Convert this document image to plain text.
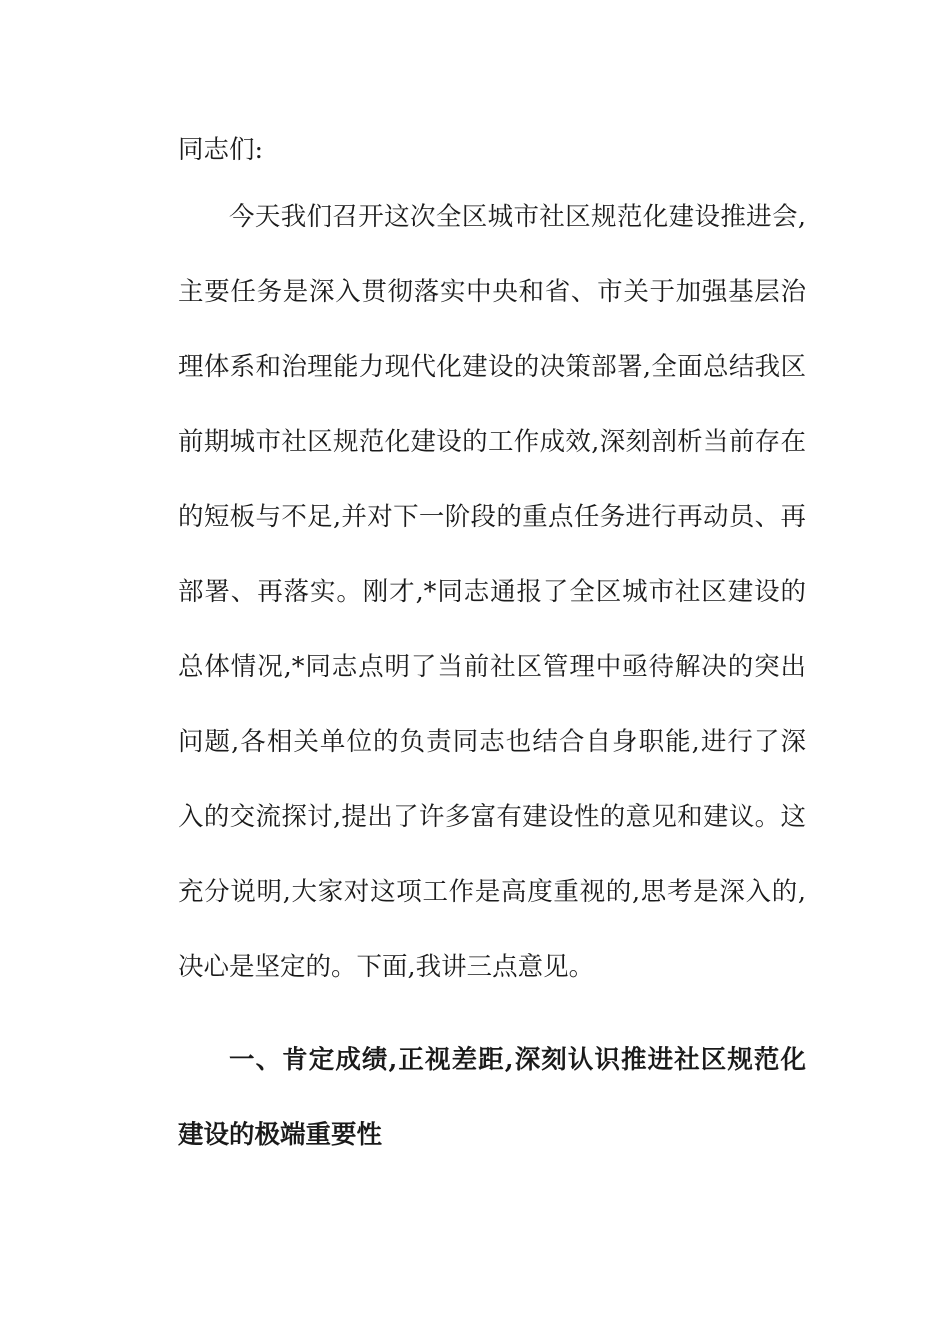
同志们:

今天我们召开这次全区城市社区规范化建设推进会,主要任务是深入贯彻落实中央和省、市关于加强基层治理体系和治理能力现代化建设的决策部署,全面总结我区前期城市社区规范化建设的工作成效,深刻剖析当前存在的短板与不足,并对下一阶段的重点任务进行再动员、再部署、再落实。刚才,*同志通报了全区城市社区建设的总体情况,*同志点明了当前社区管理中亟待解决的突出问题,各相关单位的负责同志也结合自身职能,进行了深入的交流探讨,提出了许多富有建设性的意见和建议。这充分说明,大家对这项工作是高度重视的,思考是深入的,决心是坚定的。下面,我讲三点意见。

一、肯定成绩,正视差距,深刻认识推进社区规范化建设的极端重要性
